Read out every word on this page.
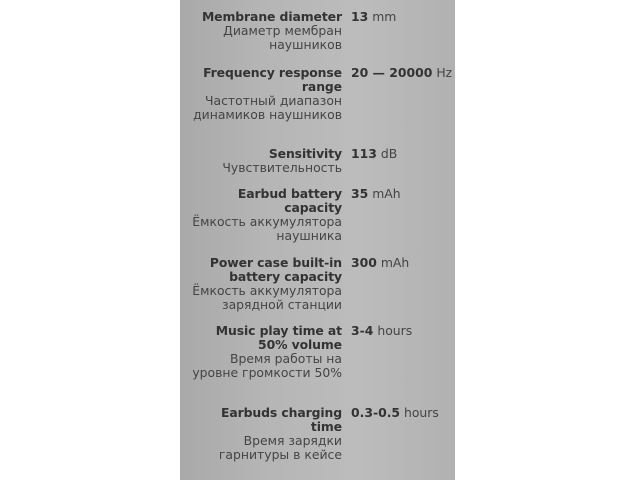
Membrane diameter
Диаметр мембран наушников
13 mm
Frequency response range
Частотный диапазон динамиков наушников
20 — 20000 Hz
Sensitivity
Чувствительность
113 dB
Earbud battery capacity
Ёмкость аккумулятора наушника
35 mAh
Power case built-in battery capacity
Ёмкость аккумулятора зарядной станции
300 mAh
Music play time at 50% volume
Время работы на уровне громкости 50%
3-4 hours
Earbuds charging time
Время зарядки гарнитуры в кейсе
0.3-0.5 hours
